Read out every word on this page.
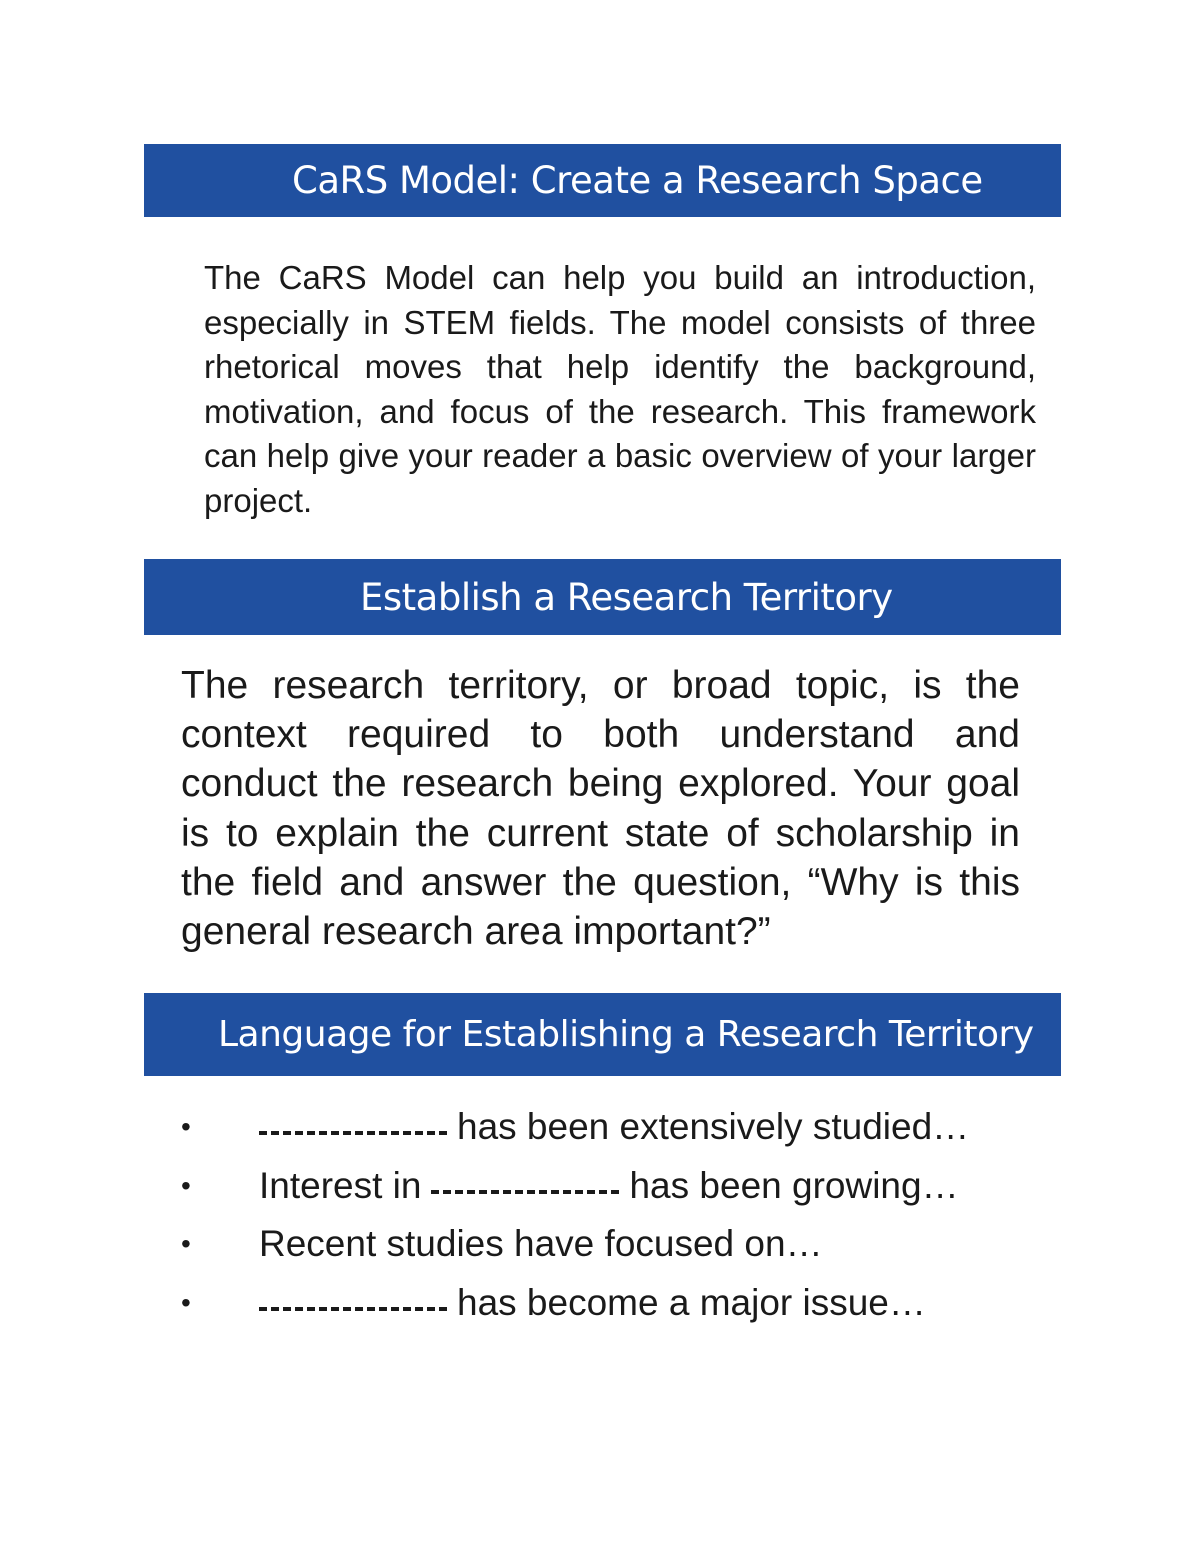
CaRS Model: Create a Research Space

The CaRS Model can help you build an introduction, especially in STEM fields. The model consists of three rhetorical moves that help identify the background, motivation, and focus of the research. This framework can help give your reader a basic overview of your larger project.

Establish a Research Territory

The research territory, or broad topic, is the context required to both understand and conduct the research being explored. Your goal is to explain the current state of scholarship in the field and answer the question, “Why is this general research area important?”

Language for Establishing a Research Territory
•	has been extensively studied…
•	Interest in	has been growing…
•	Recent studies have focused on…
•	has become a major issue…
